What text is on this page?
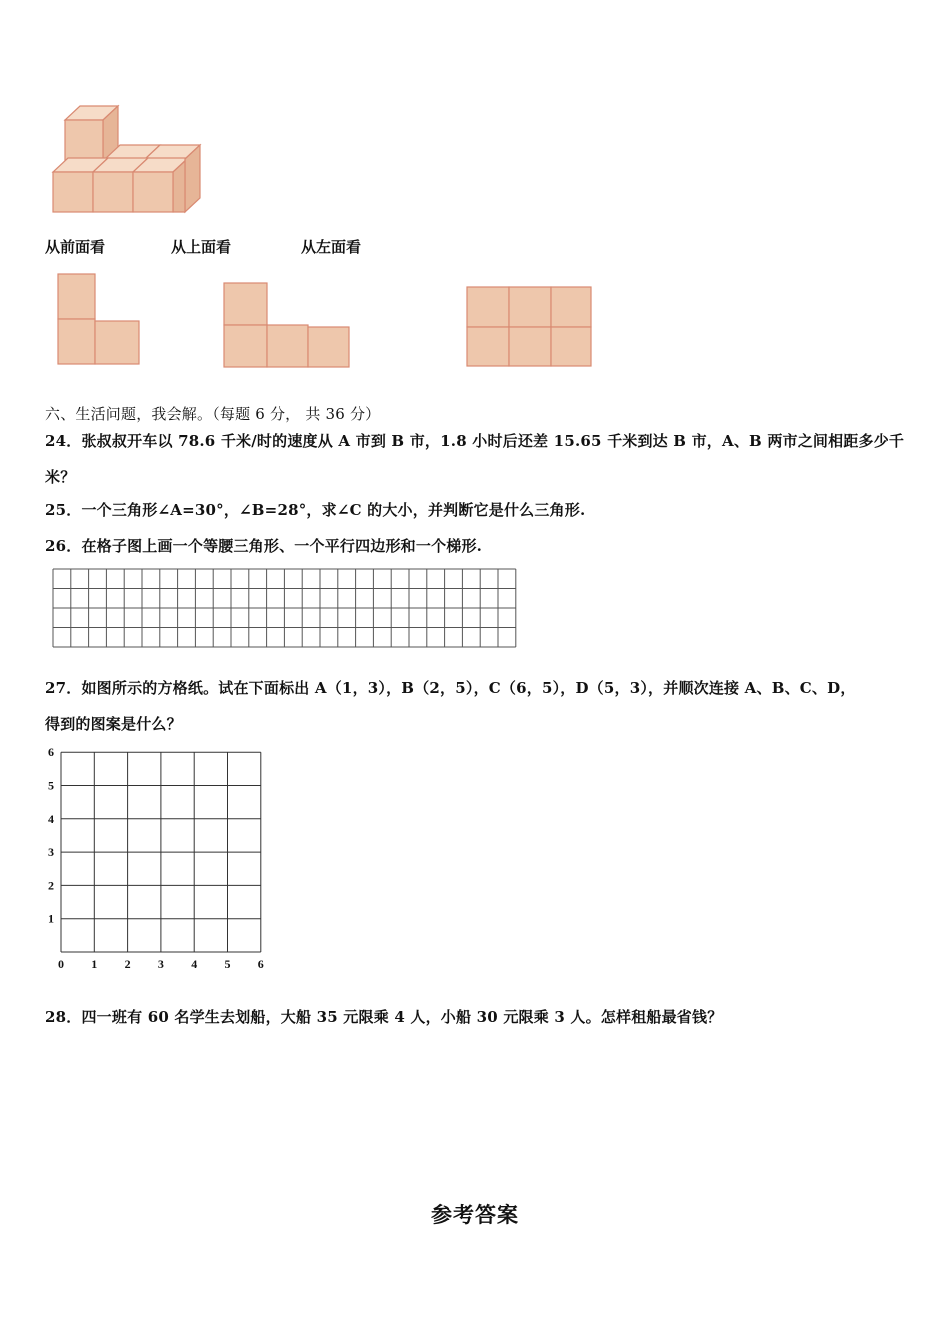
从前面看	从上面看	从左面看
六、生活问题，我会解。（每题 6 分， 共 36 分）
24．张叔叔开车以 78.6 千米/时的速度从 A 市到 B 市，1.8 小时后还差 15.65 千米到达 B 市，A、B 两市之间相距多少千
米？
25．一个三角形∠A=30°，∠B=28°，求∠C 的大小，并判断它是什么三角形.
26．在格子图上画一个等腰三角形、一个平行四边形和一个梯形.
27．如图所示的方格纸。试在下面标出 A（1，3），B（2，5），C（6，5），D（5，3），并顺次连接 A、B、C、D，
得到的图案是什么？
0 1 2 3 4 5 6
1
2
3
4
5
6
28．四一班有 60 名学生去划船，大船 35 元限乘 4 人，小船 30 元限乘 3 人。怎样租船最省钱？
参考答案
